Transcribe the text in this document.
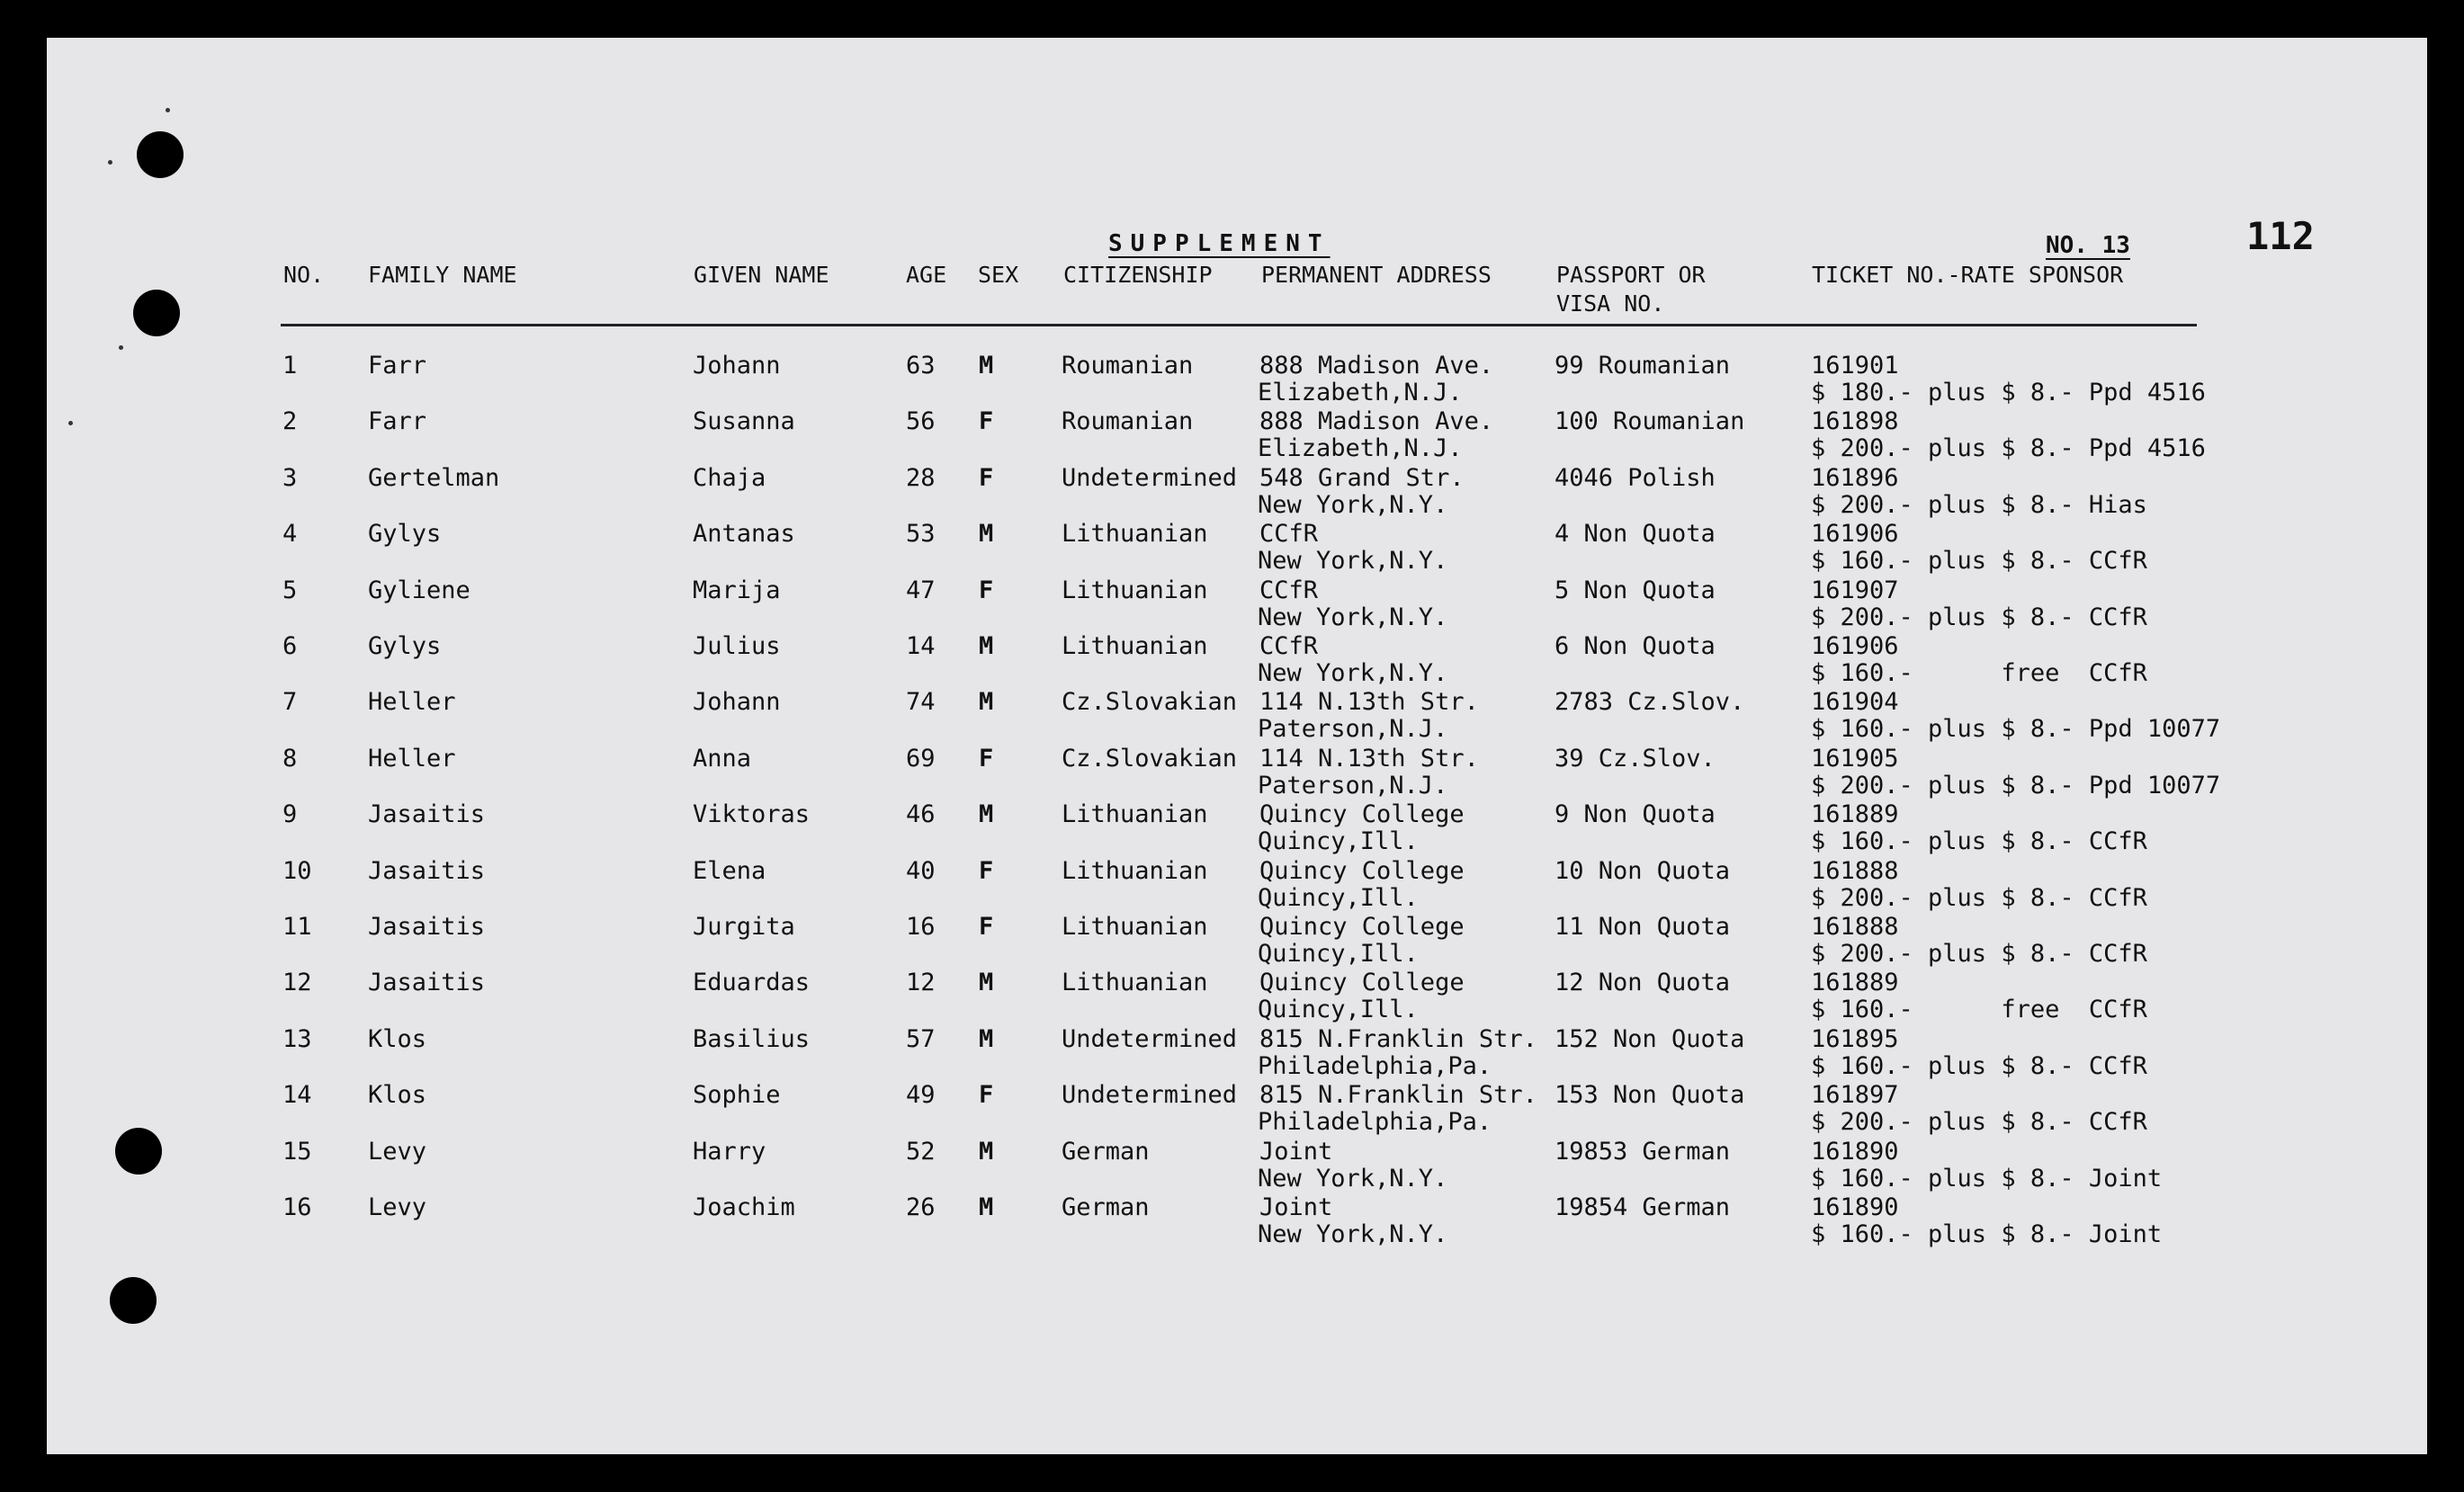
SUPPLEMENT	NO. 13	112
NO. FAMILY NAME	GIVEN NAME	AGE SEX CITIZENSHIP PERMANENT ADDRESS	PASSPORT OR
VISA NO.
TICKET NO.-RATE SPONSOR
1	Farr	Johann	63 M	Roumanian	888 Madison Ave.	99 Roumanian	161901
Elizabeth,N.J.	$ 180.- plus $ 8.- Ppd 4516
2	Farr	Susanna	56 F	Roumanian	888 Madison Ave.	100 Roumanian	161898
Elizabeth,N.J.	$ 200.- plus $ 8.- Ppd 4516
3	Gertelman	Chaja	28 F	Undetermined 548 Grand Str.	4046 Polish	161896
New York,N.Y.	$ 200.- plus $ 8.- Hias
4	Gylys	Antanas	53 M	Lithuanian CCfR	4 Non Quota	161906
New York,N.Y.	$ 160.- plus $ 8.- CCfR
5	Gyliene	Marija	47 F	Lithuanian CCfR	5 Non Quota	161907
New York,N.Y.	$ 200.- plus $ 8.- CCfR
6	Gylys	Julius	14 M	Lithuanian CCfR	6 Non Quota	161906
New York,N.Y.	$ 160.-      free  CCfR
7	Heller	Johann	74 M	Cz.Slovakian 114 N.13th Str.	2783 Cz.Slov.	161904
Paterson,N.J.	$ 160.- plus $ 8.- Ppd 10077
8	Heller	Anna	69 F	Cz.Slovakian 114 N.13th Str.	39 Cz.Slov.	161905
Paterson,N.J.	$ 200.- plus $ 8.- Ppd 10077
9	Jasaitis	Viktoras	46 M	Lithuanian Quincy College	9 Non Quota	161889
Quincy,Ill.	$ 160.- plus $ 8.- CCfR
10 Jasaitis	Elena	40 F	Lithuanian Quincy College	10 Non Quota	161888
Quincy,Ill.	$ 200.- plus $ 8.- CCfR
11 Jasaitis	Jurgita	16 F	Lithuanian Quincy College	11 Non Quota	161888
Quincy,Ill.	$ 200.- plus $ 8.- CCfR
12 Jasaitis	Eduardas	12 M	Lithuanian Quincy College	12 Non Quota	161889
Quincy,Ill.	$ 160.-      free  CCfR
13 Klos	Basilius	57 M	Undetermined 815 N.Franklin Str. 152 Non Quota	161895
Philadelphia,Pa.	$ 160.- plus $ 8.- CCfR
14 Klos	Sophie	49 F	Undetermined 815 N.Franklin Str. 153 Non Quota	161897
Philadelphia,Pa.	$ 200.- plus $ 8.- CCfR
15 Levy	Harry	52 M	German	Joint	19853 German	161890
New York,N.Y.	$ 160.- plus $ 8.- Joint
16 Levy	Joachim	26 M	German	Joint	19854 German	161890
New York,N.Y.	$ 160.- plus $ 8.- Joint
